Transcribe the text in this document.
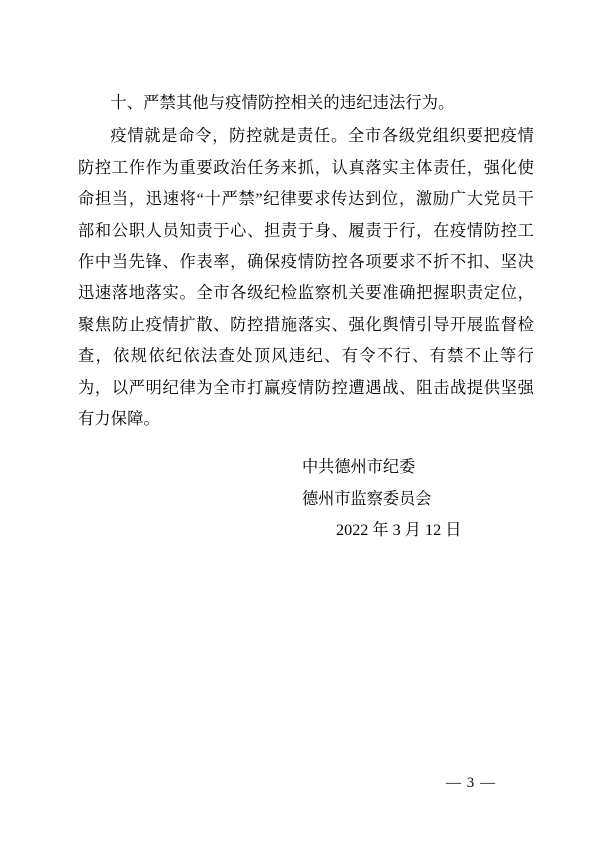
十、严禁其他与疫情防控相关的违纪违法行为。

疫情就是命令，防控就是责任。全市各级党组织要把疫情防控工作作为重要政治任务来抓，认真落实主体责任，强化使命担当，迅速将“十严禁”纪律要求传达到位，激励广大党员干部和公职人员知责于心、担责于身、履责于行，在疫情防控工作中当先锋、作表率，确保疫情防控各项要求不折不扣、坚决迅速落地落实。全市各级纪检监察机关要准确把握职责定位，聚焦防止疫情扩散、防控措施落实、强化舆情引导开展监督检查，依规依纪依法查处顶风违纪、有令不行、有禁不止等行为，以严明纪律为全市打赢疫情防控遭遇战、阻击战提供坚强有力保障。

中共德州市纪委
德州市监察委员会
2022 年 3 月 12 日
— 3 —
